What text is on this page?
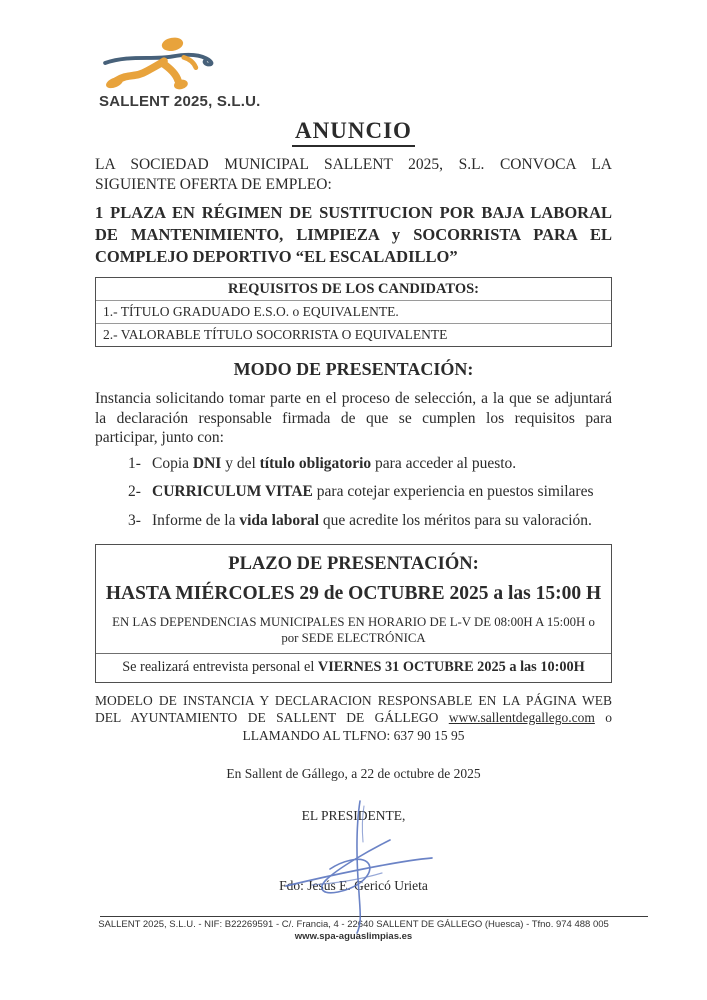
SALLENT 2025, S.L.U.
ANUNCIO

LA SOCIEDAD MUNICIPAL SALLENT 2025, S.L. CONVOCA LA SIGUIENTE OFERTA DE EMPLEO:

1 PLAZA EN RÉGIMEN DE SUSTITUCION POR BAJA LABORAL DE MANTENIMIENTO, LIMPIEZA y SOCORRISTA PARA EL COMPLEJO DEPORTIVO “EL ESCALADILLO”

REQUISITOS DE LOS CANDIDATOS:
1.- TÍTULO GRADUADO E.S.O. o EQUIVALENTE.
2.- VALORABLE TÍTULO SOCORRISTA O EQUIVALENTE
MODO DE PRESENTACIÓN:

Instancia solicitando tomar parte en el proceso de selección, a la que se adjuntará la declaración responsable firmada de que se cumplen los requisitos para participar, junto con:

1- Copia DNI y del título obligatorio para acceder al puesto.
2- CURRICULUM VITAE para cotejar experiencia en puestos similares
3- Informe de la vida laboral que acredite los méritos para su valoración.
PLAZO DE PRESENTACIÓN:
HASTA MIÉRCOLES 29 de OCTUBRE 2025 a las 15:00 H
EN LAS DEPENDENCIAS MUNICIPALES EN HORARIO DE L-V DE 08:00H A 15:00H o por SEDE ELECTRÓNICA
Se realizará entrevista personal el VIERNES 31 OCTUBRE 2025 a las 10:00H

MODELO DE INSTANCIA Y DECLARACION RESPONSABLE EN LA PÁGINA WEB DEL AYUNTAMIENTO DE SALLENT DE GÁLLEGO www.sallentdegallego.com o LLAMANDO AL TLFNO: 637 90 15 95

En Sallent de Gállego, a 22 de octubre de 2025
EL PRESIDENTE,
Fdo: Jesús E. Gericó Urieta
SALLENT 2025, S.L.U. - NIF: B22269591 - C/. Francia, 4 - 22640 SALLENT DE GÁLLEGO (Huesca) - Tfno. 974 488 005
www.spa-aguaslimpias.es
